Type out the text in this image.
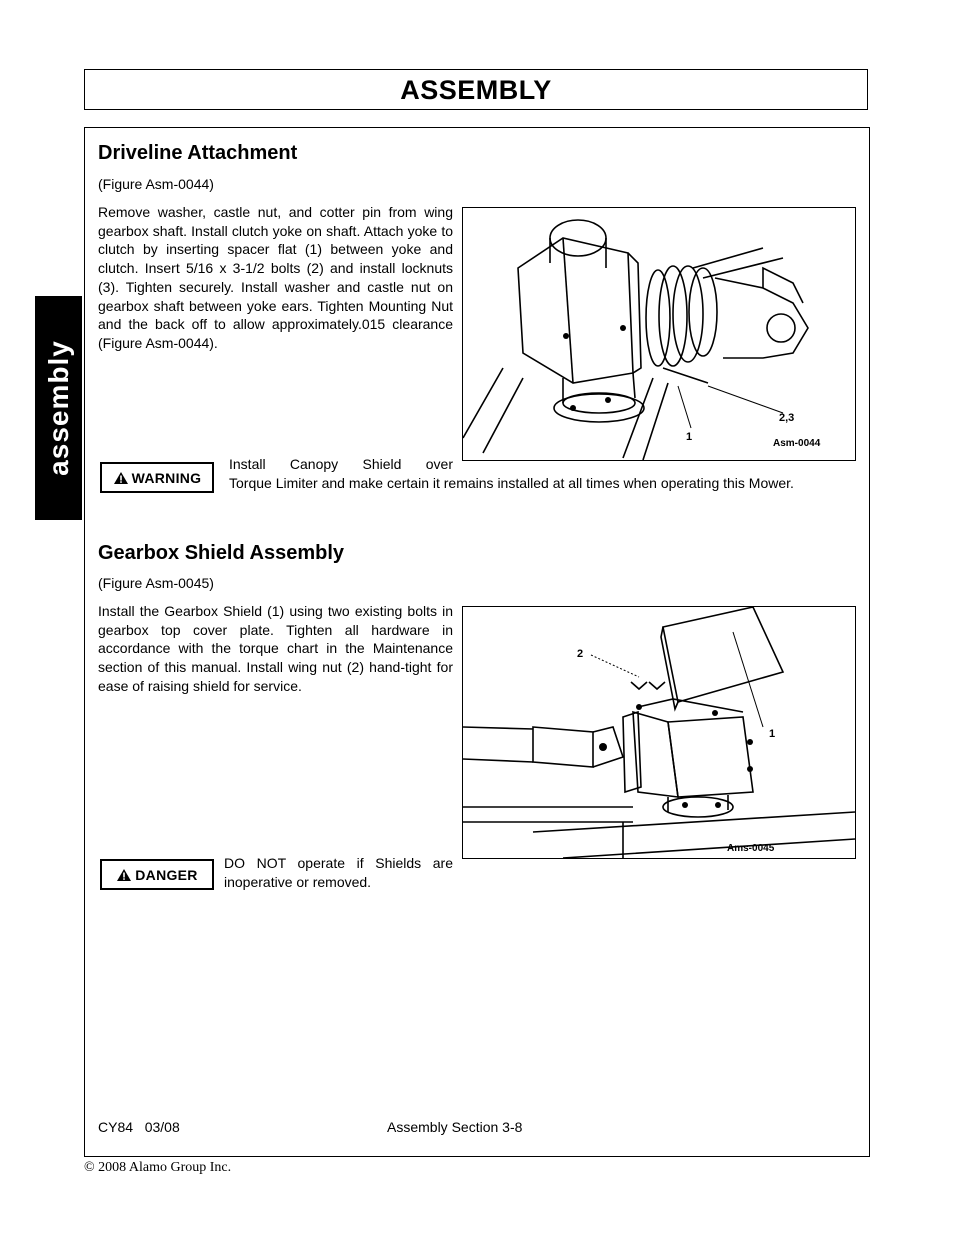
ASSEMBLY
assembly
Driveline Attachment
(Figure Asm-0044)

Remove washer, castle nut, and cotter pin from wing gearbox shaft. Install clutch yoke on shaft. Attach yoke to clutch by inserting spacer flat (1) between yoke and clutch. Insert 5/16 x 3-1/2 bolts (2) and install locknuts (3). Tighten securely. Install washer and castle nut on gearbox shaft between yoke ears. Tighten Mounting Nut and the back off to allow approximately.015 clearance (Figure Asm-0044).

1
2,3
Asm-0044
WARNING
Install Canopy Shield over
Torque Limiter and make certain it remains installed at all times when operating this Mower.
Gearbox Shield Assembly
(Figure Asm-0045)

Install the Gearbox Shield (1) using two existing bolts in gearbox top cover plate. Tighten all hardware in accordance with the torque chart in the Maintenance section of this manual. Install wing nut (2) hand-tight for ease of raising shield for service.

2
1
Ams-0045
DANGER
DO NOT operate if Shields are inoperative or removed.
CY84   03/08	Assembly Section 3-8
© 2008 Alamo Group Inc.
